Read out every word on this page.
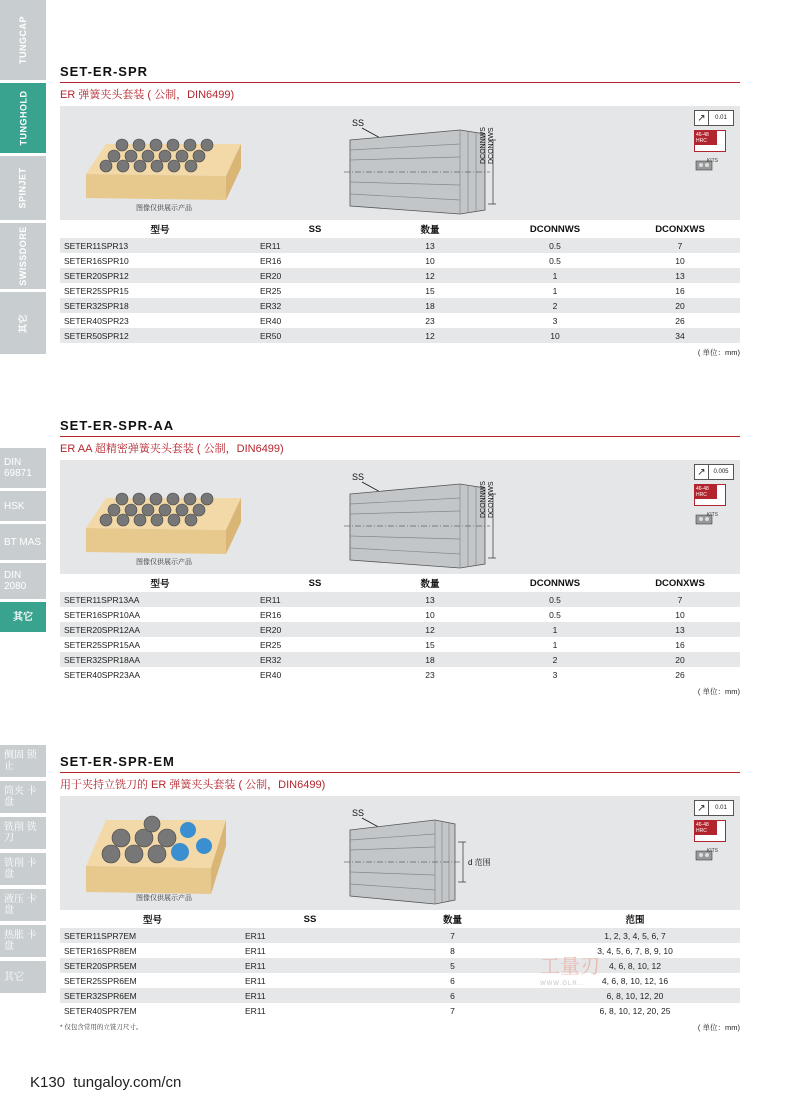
TUNGCAP
TUNGHOLD
SPINJET
SWISSDORE
其它
DIN 69871
HSK
BT MAS
DIN 2080
其它
侧固 锁止
筒夹 卡盘
铣削 铣刀
铣削 卡盘
液压 卡盘
热胀 卡盘
其它
SET-ER-SPR
ER 弹簧夹头套装 ( 公制，DIN6499)
图像仅供展示产品
SS
DCONNWS DCONXWS
↗	0.01
46-48 HRC
KITS
型号	SS	数量	DCONNWS	DCONXWS
SETER11SPR13	ER11	13	0.5	7
SETER16SPR10	ER16	10	0.5	10
SETER20SPR12	ER20	12	1	13
SETER25SPR15	ER25	15	1	16
SETER32SPR18	ER32	18	2	20
SETER40SPR23	ER40	23	3	26
SETER50SPR12	ER50	12	10	34
( 单位：mm)
SET-ER-SPR-AA
ER AA 超精密弹簧夹头套装 ( 公制，DIN6499)
图像仅供展示产品
SS
DCONNWS DCONXWS
↗	0.005
46-48 HRC
KITS
型号	SS	数量	DCONNWS	DCONXWS
SETER11SPR13AA	ER11	13	0.5	7
SETER16SPR10AA	ER16	10	0.5	10
SETER20SPR12AA	ER20	12	1	13
SETER25SPR15AA	ER25	15	1	16
SETER32SPR18AA	ER32	18	2	20
SETER40SPR23AA	ER40	23	3	26
( 单位：mm)
SET-ER-SPR-EM
用于夹持立铣刀的 ER 弹簧夹头套装 ( 公制，DIN6499)
图像仅供展示产品
SS
d 范围
↗	0.01
46-48 HRC
KITS
型号	SS	数量	范围
SETER11SPR7EM	ER11	7	1, 2, 3, 4, 5, 6, 7
SETER16SPR8EM	ER11	8	3, 4, 5, 6, 7, 8, 9, 10
SETER20SPR5EM	ER11	5	4, 6, 8, 10, 12
SETER25SPR6EM	ER11	6	4, 6, 8, 10, 12, 16
SETER32SPR6EM	ER11	6	6, 8, 10, 12, 20
SETER40SPR7EM	ER11	7	6, 8, 10, 12, 20, 25
* 仅包含常用的立铣刀尺寸。	( 单位：mm)
工量刃
WWW.GLR...
K130 tungaloy.com/cn
